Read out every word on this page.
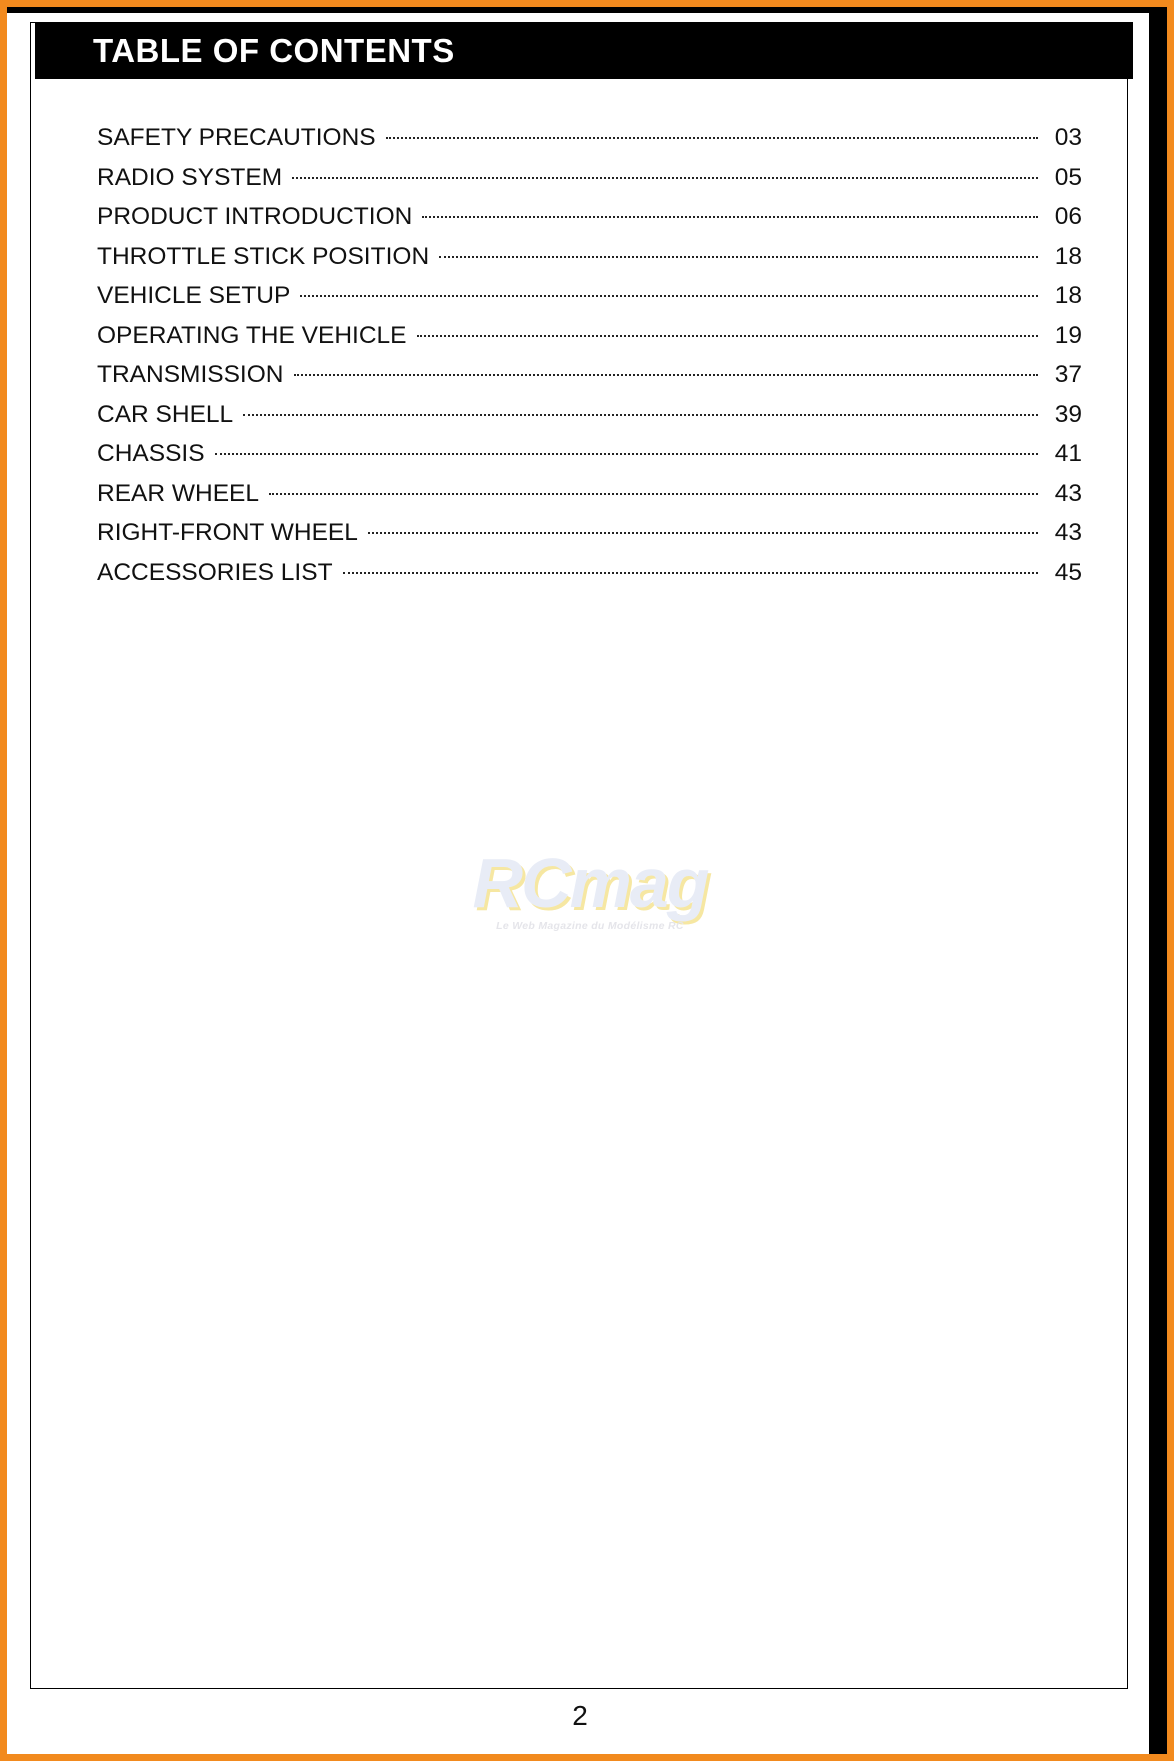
TABLE OF CONTENTS
SAFETY PRECAUTIONS	03
RADIO SYSTEM	05
PRODUCT INTRODUCTION	06
THROTTLE STICK POSITION	18
VEHICLE SETUP	18
OPERATING THE VEHICLE	19
TRANSMISSION	37
CAR SHELL	39
CHASSIS	41
REAR WHEEL	43
RIGHT-FRONT WHEEL	43
ACCESSORIES LIST	45
RCmag
Le Web Magazine du Modélisme RC
2
